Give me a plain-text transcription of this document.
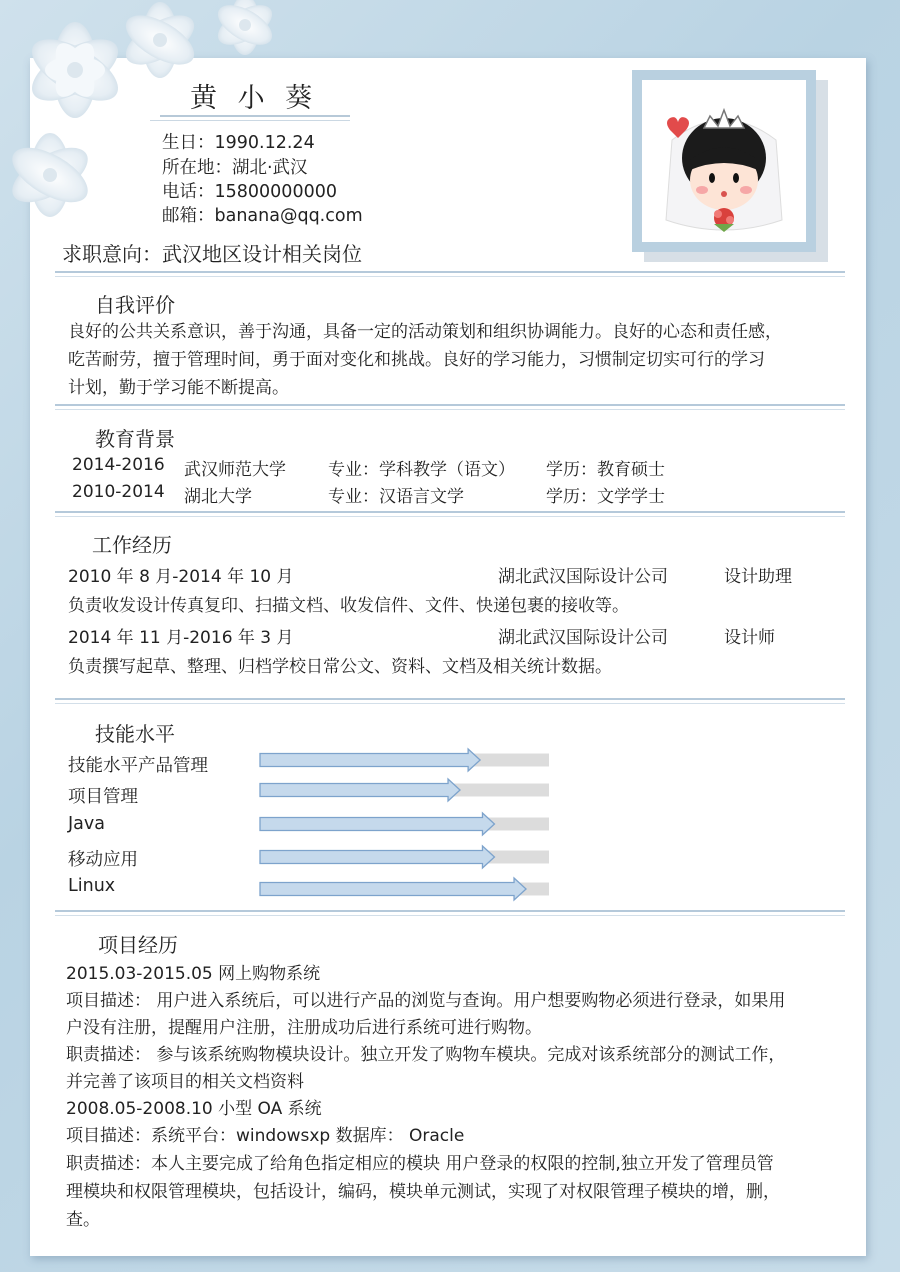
黄 小 葵
生日：1990.12.24
所在地：湖北·武汉
电话：15800000000
邮箱：banana@qq.com
求职意向：武汉地区设计相关岗位
自我评价
良好的公共关系意识，善于沟通，具备一定的活动策划和组织协调能力。良好的心态和责任感，
吃苦耐劳，擅于管理时间，勇于面对变化和挑战。良好的学习能力，习惯制定切实可行的学习
计划，勤于学习能不断提高。
教育背景
2014-2016 武汉师范大学 专业：学科教学（语文） 学历：教育硕士
2010-2014 湖北大学	专业：汉语言文学	学历：文学学士
工作经历
2010 年 8 月-2014 年 10 月	湖北武汉国际设计公司	设计助理
负责收发设计传真复印、扫描文档、收发信件、文件、快递包裹的接收等。
2014 年 11 月-2016 年 3 月	湖北武汉国际设计公司	设计师
负责撰写起草、整理、归档学校日常公文、资料、文档及相关统计数据。
技能水平
技能水平产品管理
项目管理
Java
移动应用
Linux
项目经历
2015.03-2015.05 网上购物系统
项目描述： 用户进入系统后，可以进行产品的浏览与查询。用户想要购物必须进行登录，如果用
户没有注册，提醒用户注册，注册成功后进行系统可进行购物。
职责描述： 参与该系统购物模块设计。独立开发了购物车模块。完成对该系统部分的测试工作，
并完善了该项目的相关文档资料
2008.05-2008.10 小型 OA 系统
项目描述：系统平台：windowsxp 数据库： Oracle
职责描述：本人主要完成了给角色指定相应的模块 用户登录的权限的控制,独立开发了管理员管
理模块和权限管理模块，包括设计，编码，模块单元测试，实现了对权限管理子模块的增，删，
查。
